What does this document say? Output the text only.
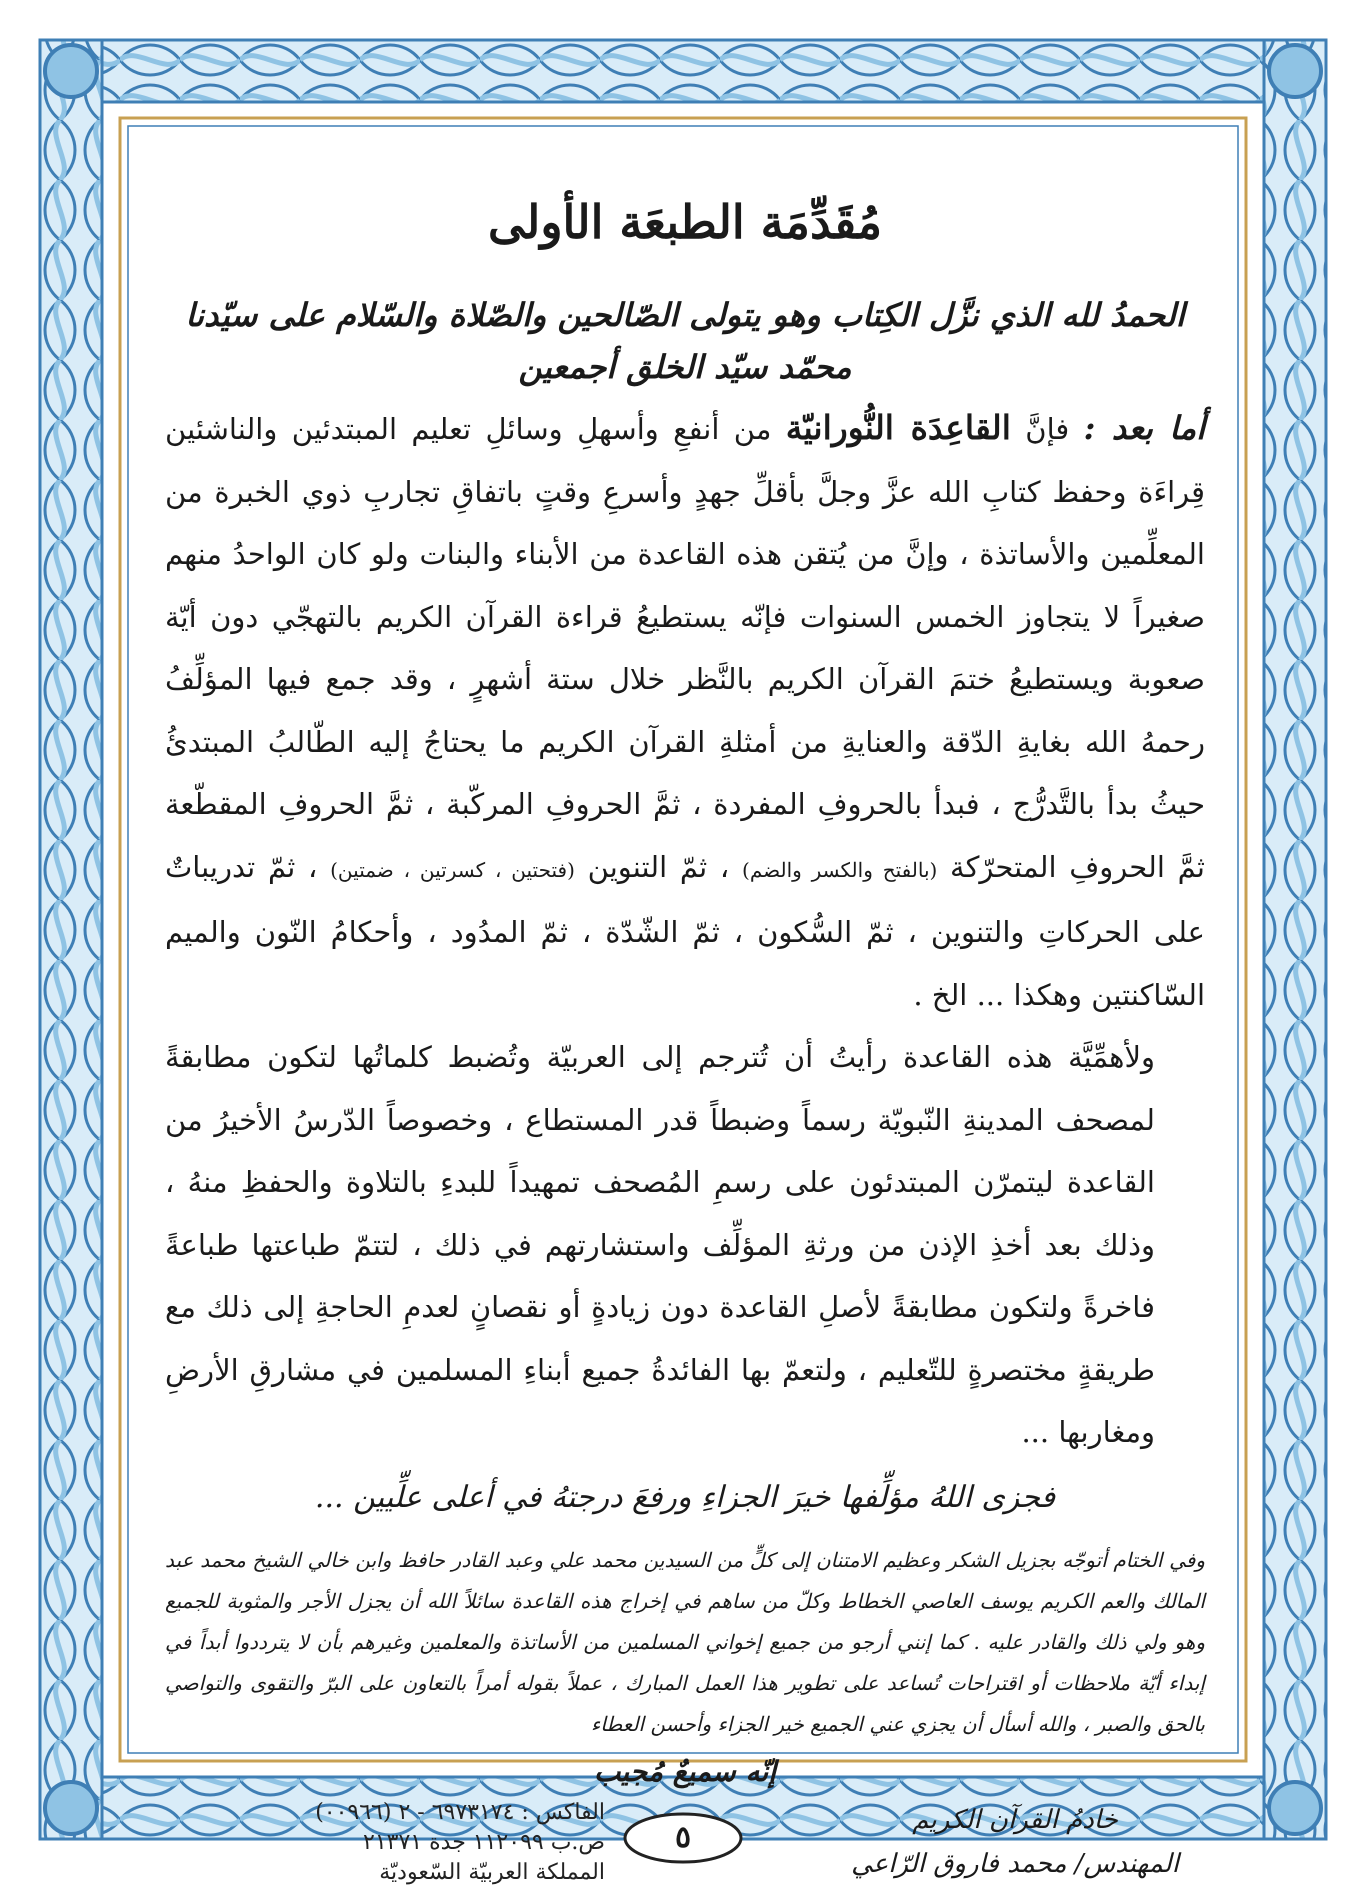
مُقَدِّمَة الطبعَة الأولى
الحمدُ لله الذي نزَّل الكِتاب وهو يتولى الصّالحين والصّلاة والسّلام على سيّدنا محمّد سيّد الخلق أجمعين

أما بعد : فإنَّ القاعِدَة النُّورانيّة من أنفعِ وأسهلِ وسائلِ تعليم المبتدئين والناشئين قِراءَة وحفظ كتابِ الله عزَّ وجلَّ بأقلِّ جهدٍ وأسرعِ وقتٍ باتفاقِ تجاربِ ذوي الخبرة من المعلِّمين والأساتذة ، وإنَّ من يُتقن هذه القاعدة من الأبناء والبنات ولو كان الواحدُ منهم صغيراً لا يتجاوز الخمس السنوات فإنّه يستطيعُ قراءة القرآن الكريم بالتهجّي دون أيّة صعوبة ويستطيعُ ختمَ القرآن الكريم بالنَّظر خلال ستة أشهرٍ ، وقد جمع فيها المؤلِّفُ رحمهُ الله بغايةِ الدّقة والعنايةِ من أمثلةِ القرآن الكريم ما يحتاجُ إليه الطّالبُ المبتدئُ حيثُ بدأ بالتَّدرُّج ، فبدأ بالحروفِ المفردة ، ثمَّ الحروفِ المركّبة ، ثمَّ الحروفِ المقطّعة ثمَّ الحروفِ المتحرّكة (بالفتح والكسر والضم) ، ثمّ التنوين (فتحتين ، كسرتين ، ضمتين) ، ثمّ تدريباتٌ على الحركاتِ والتنوين ، ثمّ السُّكون ، ثمّ الشّدّة ، ثمّ المدُود ، وأحكامُ النّون والميم السّاكنتين وهكذا ... الخ .

ولأهمِّيَّة هذه القاعدة رأيتُ أن تُترجم إلى العربيّة وتُضبط كلماتُها لتكون مطابقةً لمصحف المدينةِ النّبويّة رسماً وضبطاً قدر المستطاع ، وخصوصاً الدّرسُ الأخيرُ من القاعدة ليتمرّن المبتدئون على رسمِ المُصحف تمهيداً للبدءِ بالتلاوة والحفظِ منهُ ، وذلك بعد أخذِ الإذن من ورثةِ المؤلِّف واستشارتهم في ذلك ، لتتمّ طباعتها طباعةً فاخرةً ولتكون مطابقةً لأصلِ القاعدة دون زيادةٍ أو نقصانٍ لعدمِ الحاجةِ إلى ذلك مع طريقةٍ مختصرةٍ للتّعليم ، ولتعمّ بها الفائدةُ جميع أبناءِ المسلمين في مشارقِ الأرضِ ومغاربها ...

فجزى اللهُ مؤلِّفها خيرَ الجزاءِ ورفعَ درجتهُ في أعلى علِّيين ...

وفي الختام أتوجّه بجزيل الشكر وعظيم الامتنان إلى كلٍّ من السيدين محمد علي وعبد القادر حافظ وابن خالي الشيخ محمد عبد المالك والعم الكريم يوسف العاصي الخطاط وكلّ من ساهم في إخراج هذه القاعدة سائلاً الله أن يجزل الأجر والمثوبة للجميع وهو ولي ذلك والقادر عليه . كما إنني أرجو من جميع إخواني المسلمين من الأساتذة والمعلمين وغيرهم بأن لا يترددوا أبداً في إبداء أيّة ملاحظات أو اقتراحات تُساعد على تطوير هذا العمل المبارك ، عملاً بقوله أمراً بالتعاون على البرّ والتقوى والتواصي بالحق والصبر ، والله أسأل أن يجزي عني الجميع خير الجزاء وأحسن العطاء

إنّه سميعٌ مُجيب
خادمُ القرآن الكريم
المهندس/ محمد فاروق الرّاعي
الفاكس : ٦٩٧٣١٧٤ - ٢ (٠٠٩٦٦)
ص.ب ١١٢٠٩٩ جدة ٢١٣٧١
المملكة العربيّة السّعوديّة
٥
